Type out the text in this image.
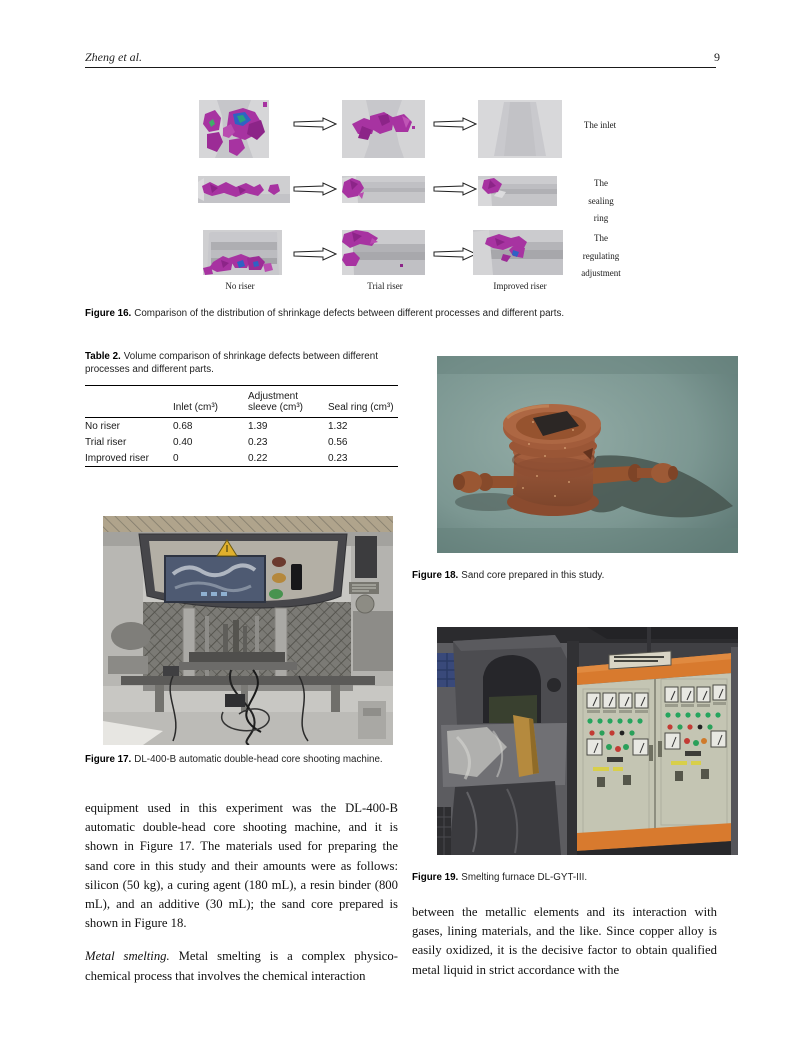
Zheng et al.	9
The inlet
The
sealing
ring
The
regulating
adjustment
No riser	Trial riser	Improved riser
Figure 16. Comparison of the distribution of shrinkage defects between different processes and different parts.
Table 2. Volume comparison of shrinkage defects between different processes and different parts.
	Inlet (cm³)	Adjustment sleeve (cm³)	Seal ring (cm³)
No riser	0.68	1.39	1.32
Trial riser	0.40	0.23	0.56
Improved riser	0	0.22	0.23
Figure 18. Sand core prepared in this study.
Figure 17. DL-400-B automatic double-head core shooting machine.
Figure 19. Smelting furnace DL-GYT-III.

equipment used in this experiment was the DL-400-B automatic double-head core shooting machine, and it is shown in Figure 17. The materials used for preparing the sand core in this study and their amounts were as follows: silicon (50 kg), a curing agent (180 mL), a resin binder (800 mL), and an additive (30 mL); the sand core prepared is shown in Figure 18.

Metal smelting. Metal smelting is a complex physico-chemical process that involves the chemical interaction

between the metallic elements and its interaction with gases, lining materials, and the like. Since copper alloy is easily oxidized, it is the decisive factor to obtain qualified metal liquid in strict accordance with the
